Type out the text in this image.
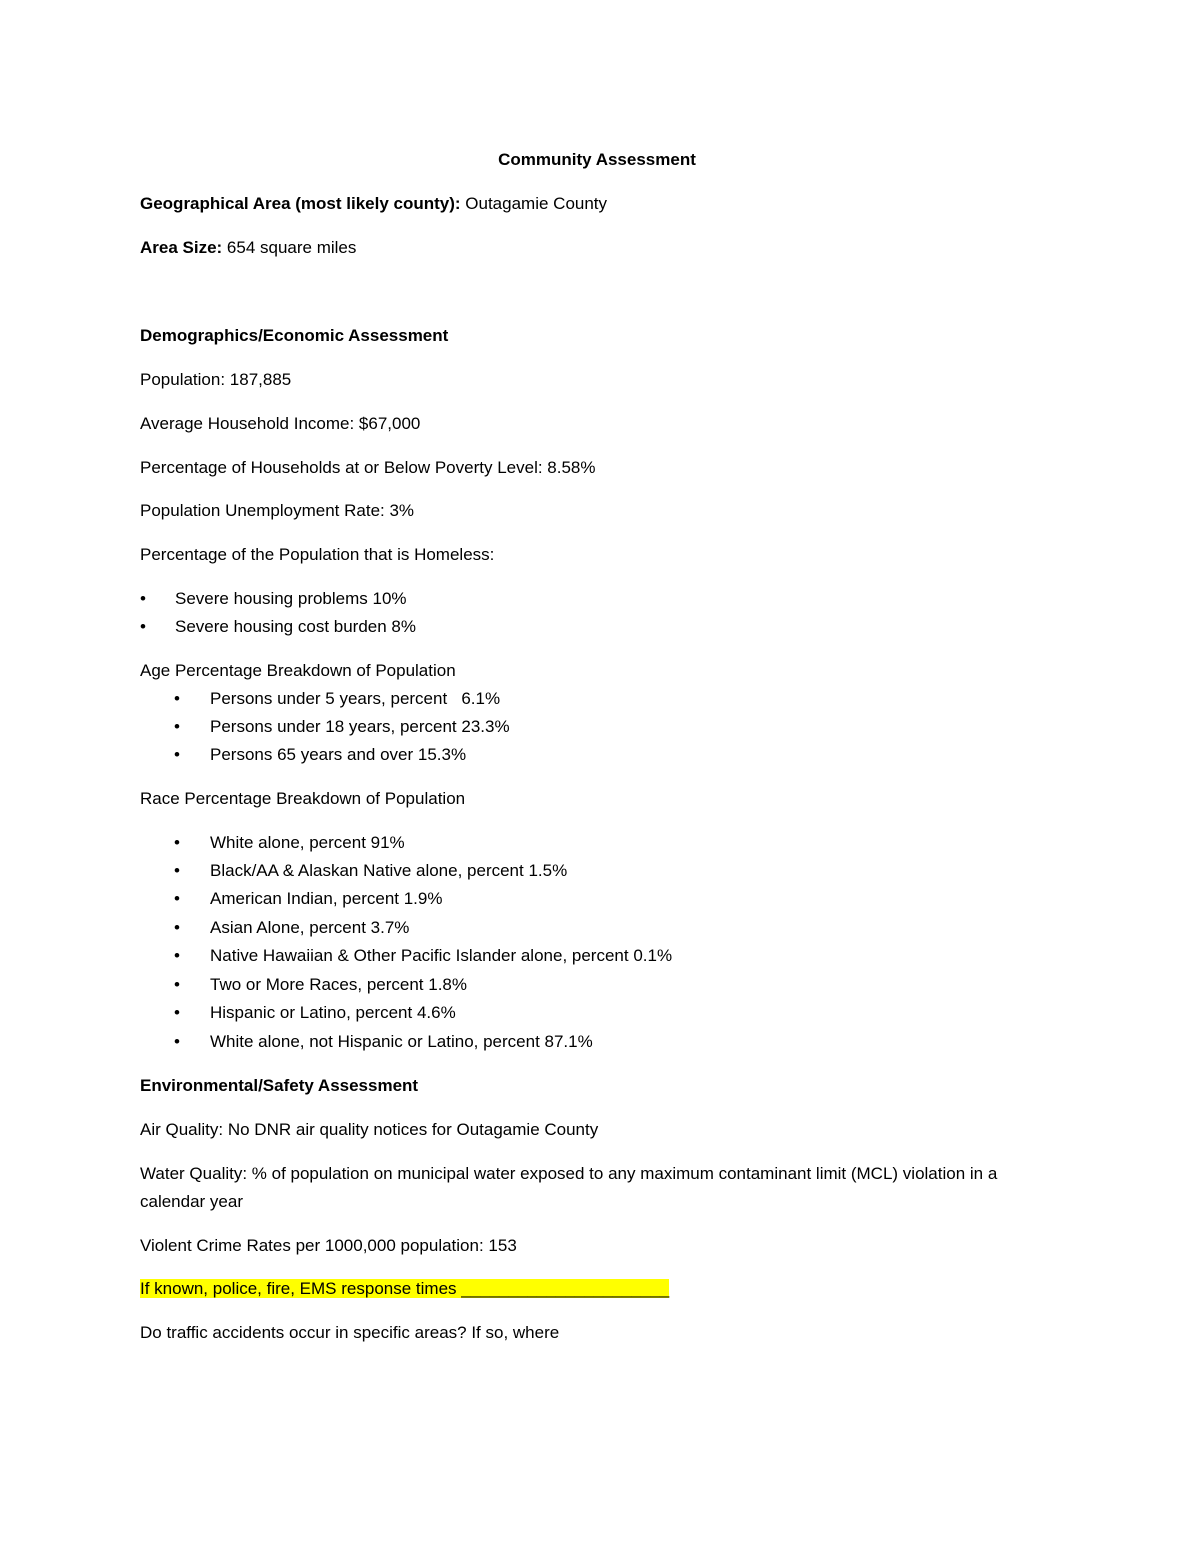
Community Assessment
Geographical Area (most likely county): Outagamie County
Area Size: 654 square miles
Demographics/Economic Assessment
Population: 187,885
Average Household Income: $67,000
Percentage of Households at or Below Poverty Level: 8.58%
Population Unemployment Rate: 3%
Percentage of the Population that is Homeless:
• Severe housing problems 10%
• Severe housing cost burden 8%
Age Percentage Breakdown of Population
• Persons under 5 years, percent   6.1%
• Persons under 18 years, percent 23.3%
• Persons 65 years and over 15.3%
Race Percentage Breakdown of Population
• White alone, percent 91%
• Black/AA & Alaskan Native alone, percent 1.5%
• American Indian, percent 1.9%
• Asian Alone, percent 3.7%
• Native Hawaiian & Other Pacific Islander alone, percent 0.1%
• Two or More Races, percent 1.8%
• Hispanic or Latino, percent 4.6%
• White alone, not Hispanic or Latino, percent 87.1%
Environmental/Safety Assessment
Air Quality: No DNR air quality notices for Outagamie County
Water Quality: % of population on municipal water exposed to any maximum contaminant limit (MCL) violation in a calendar year
Violent Crime Rates per 1000,000 population: 153
If known, police, fire, EMS response times ______________________
Do traffic accidents occur in specific areas? If so, where
